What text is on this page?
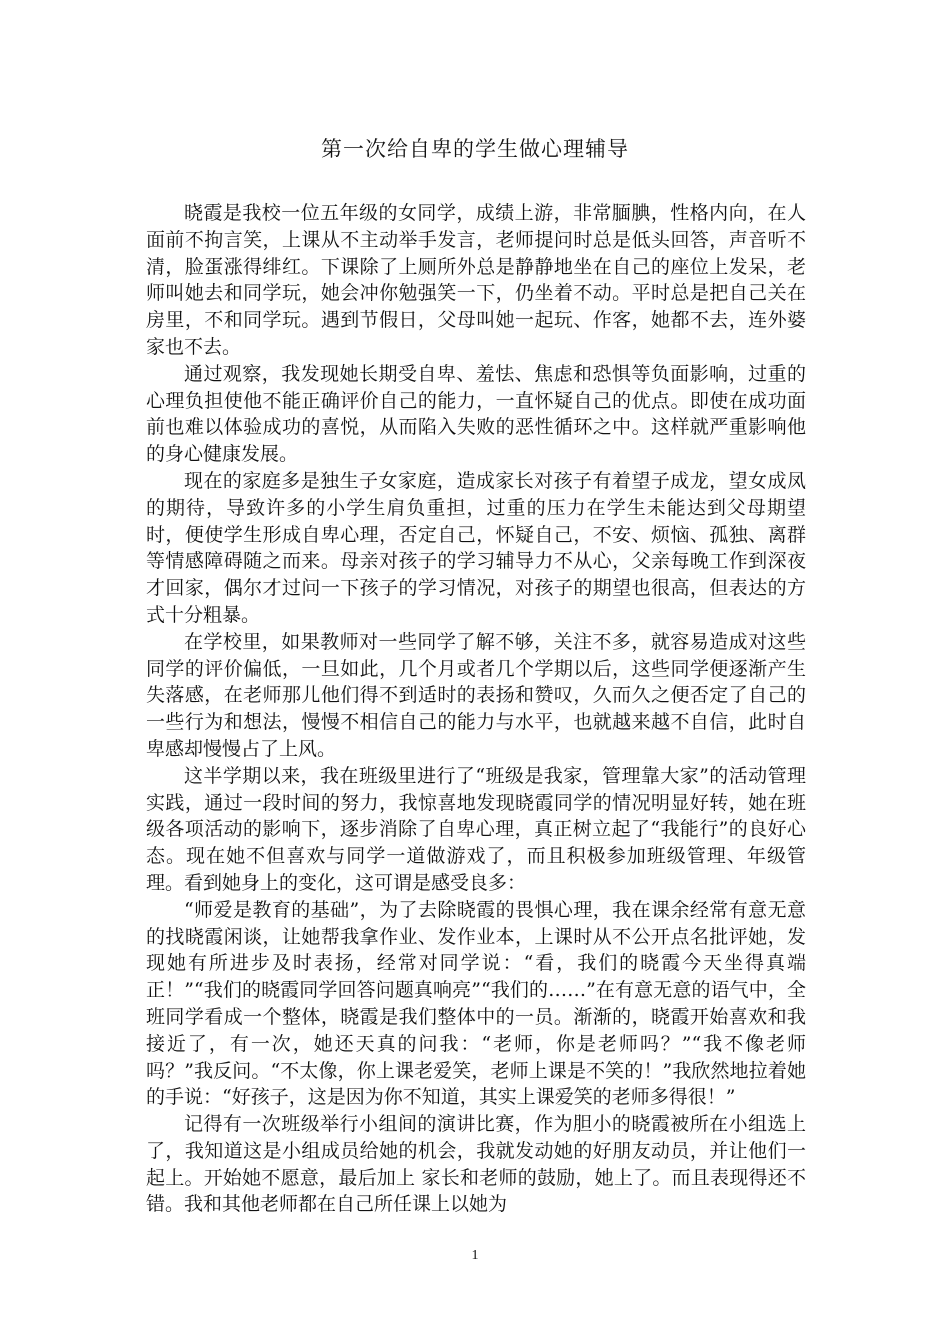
第一次给自卑的学生做心理辅导

晓霞是我校一位五年级的女同学，成绩上游，非常腼腆，性格内向，在人面前不拘言笑，上课从不主动举手发言，老师提问时总是低头回答，声音听不清，脸蛋涨得绯红。下课除了上厕所外总是静静地坐在自己的座位上发呆，老师叫她去和同学玩，她会冲你勉强笑一下，仍坐着不动。平时总是把自己关在房里，不和同学玩。遇到节假日，父母叫她一起玩、作客，她都不去，连外婆家也不去。

通过观察，我发现她长期受自卑、羞怯、焦虑和恐惧等负面影响，过重的心理负担使他不能正确评价自己的能力，一直怀疑自己的优点。即使在成功面前也难以体验成功的喜悦，从而陷入失败的恶性循环之中。这样就严重影响他的身心健康发展。

现在的家庭多是独生子女家庭，造成家长对孩子有着望子成龙，望女成凤的期待，导致许多的小学生肩负重担，过重的压力在学生未能达到父母期望时，便使学生形成自卑心理，否定自己，怀疑自己，不安、烦恼、孤独、离群等情感障碍随之而来。母亲对孩子的学习辅导力不从心，父亲每晚工作到深夜才回家，偶尔才过问一下孩子的学习情况，对孩子的期望也很高，但表达的方式十分粗暴。

在学校里，如果教师对一些同学了解不够，关注不多，就容易造成对这些同学的评价偏低，一旦如此，几个月或者几个学期以后，这些同学便逐渐产生失落感，在老师那儿他们得不到适时的表扬和赞叹，久而久之便否定了自己的一些行为和想法，慢慢不相信自己的能力与水平，也就越来越不自信，此时自卑感却慢慢占了上风。

这半学期以来，我在班级里进行了“班级是我家，管理靠大家”的活动管理实践，通过一段时间的努力，我惊喜地发现晓霞同学的情况明显好转，她在班级各项活动的影响下，逐步消除了自卑心理，真正树立起了“我能行”的良好心态。现在她不但喜欢与同学一道做游戏了，而且积极参加班级管理、年级管理。看到她身上的变化，这可谓是感受良多：

“师爱是教育的基础”，为了去除晓霞的畏惧心理，我在课余经常有意无意的找晓霞闲谈，让她帮我拿作业、发作业本，上课时从不公开点名批评她，发现她有所进步及时表扬，经常对同学说：“看，我们的晓霞今天坐得真端正！”“我们的晓霞同学回答问题真响亮”“我们的……”在有意无意的语气中，全班同学看成一个整体，晓霞是我们整体中的一员。渐渐的，晓霞开始喜欢和我接近了，有一次，她还天真的问我：“老师，你是老师吗？”“我不像老师吗？”我反问。“不太像，你上课老爱笑，老师上课是不笑的！”我欣然地拉着她的手说：“好孩子，这是因为你不知道，其实上课爱笑的老师多得很！”

记得有一次班级举行小组间的演讲比赛，作为胆小的晓霞被所在小组选上了，我知道这是小组成员给她的机会，我就发动她的好朋友动员，并让他们一起上。开始她不愿意，最后加上 家长和老师的鼓励，她上了。而且表现得还不错。我和其他老师都在自己所任课上以她为

1
